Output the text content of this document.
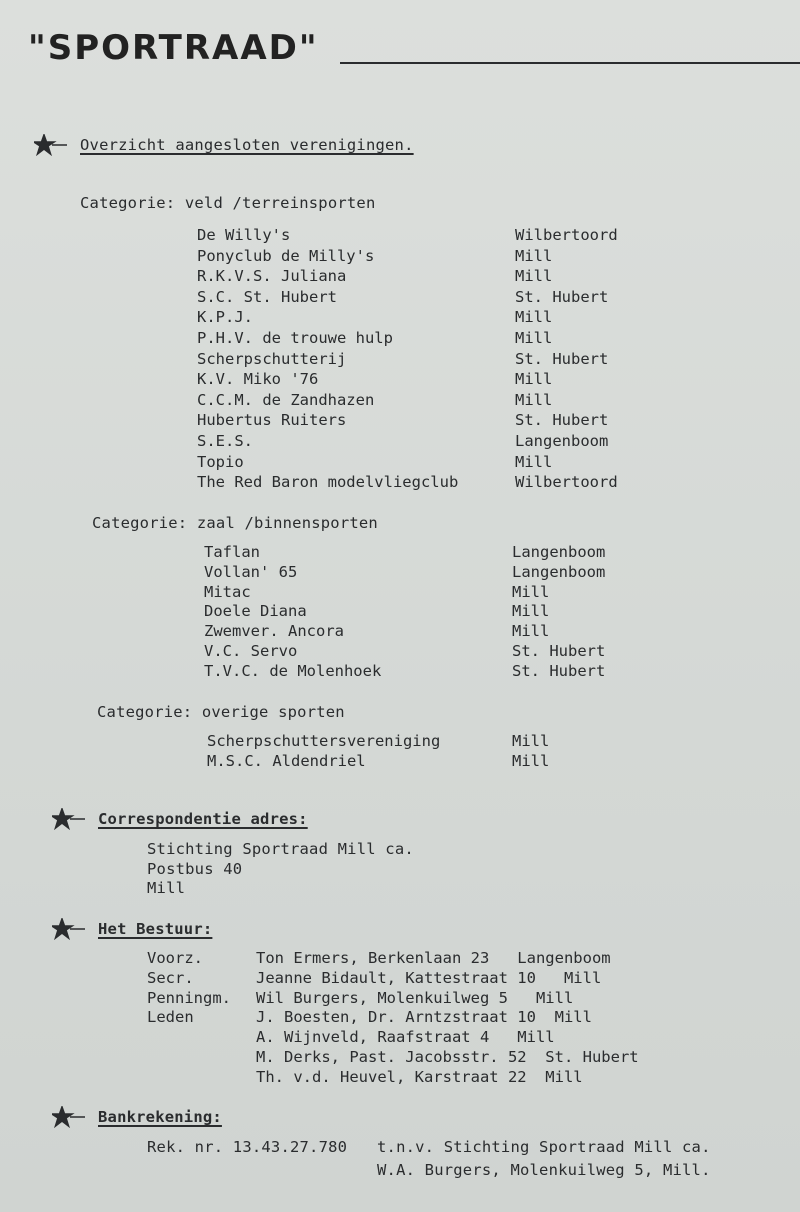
"SPORTRAAD"
Overzicht aangesloten verenigingen.
Categorie: veld /terreinsporten
De Willy's	Wilbertoord
Ponyclub de Milly's	Mill
R.K.V.S. Juliana	Mill
S.C. St. Hubert	St. Hubert
K.P.J.	Mill
P.H.V. de trouwe hulp	Mill
Scherpschutterij	St. Hubert
K.V. Miko '76	Mill
C.C.M. de Zandhazen	Mill
Hubertus Ruiters	St. Hubert
S.E.S.	Langenboom
Topio	Mill
The Red Baron modelvliegclub	Wilbertoord
Categorie: zaal /binnensporten
Taflan	Langenboom
Vollan' 65	Langenboom
Mitac	Mill
Doele Diana	Mill
Zwemver. Ancora	Mill
V.C. Servo	St. Hubert
T.V.C. de Molenhoek	St. Hubert
Categorie: overige sporten
Scherpschuttersvereniging	Mill
M.S.C. Aldendriel	Mill
Correspondentie adres:
Stichting Sportraad Mill ca.
Postbus 40
Mill
Het Bestuur:
Voorz.	Ton Ermers, Berkenlaan 23   Langenboom
Secr.	Jeanne Bidault, Kattestraat 10   Mill
Penningm. Wil Burgers, Molenkuilweg 5   Mill
Leden	J. Boesten, Dr. Arntzstraat 10  Mill
A. Wijnveld, Raafstraat 4   Mill
M. Derks, Past. Jacobsstr. 52  St. Hubert
Th. v.d. Heuvel, Karstraat 22  Mill
Bankrekening:
Rek. nr. 13.43.27.780 t.n.v. Stichting Sportraad Mill ca.
W.A. Burgers, Molenkuilweg 5, Mill.
